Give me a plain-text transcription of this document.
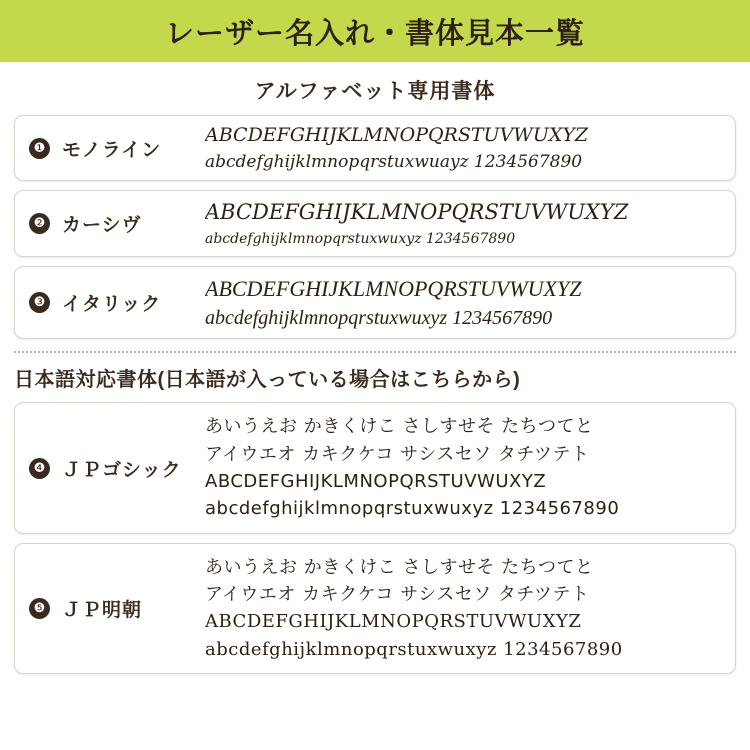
レーザー名入れ・書体見本一覧
アルファベット専用書体
❶ モノライン
ABCDEFGHIJKLMNOPQRSTUVWUXYZ
abcdefghijklmnopqrstuxwuayz 1234567890
❷ カーシヴ
ABCDEFGHIJKLMNOPQRSTUVWUXYZ
abcdefghijklmnopqrstuxwuxyz 1234567890
❸ イタリック
ABCDEFGHIJKLMNOPQRSTUVWUXYZ
abcdefghijklmnopqrstuxwuxyz 1234567890
日本語対応書体(日本語が入っている場合はこちらから)
❹ ＪＰゴシック
あいうえお かきくけこ さしすせそ たちつてと
アイウエオ カキクケコ サシスセソ タチツテト
ABCDEFGHIJKLMNOPQRSTUVWUXYZ
abcdefghijklmnopqrstuxwuxyz 1234567890
❺ ＪＰ明朝
あいうえお かきくけこ さしすせそ たちつてと
アイウエオ カキクケコ サシスセソ タチツテト
ABCDEFGHIJKLMNOPQRSTUVWUXYZ
abcdefghijklmnopqrstuxwuxyz 1234567890
